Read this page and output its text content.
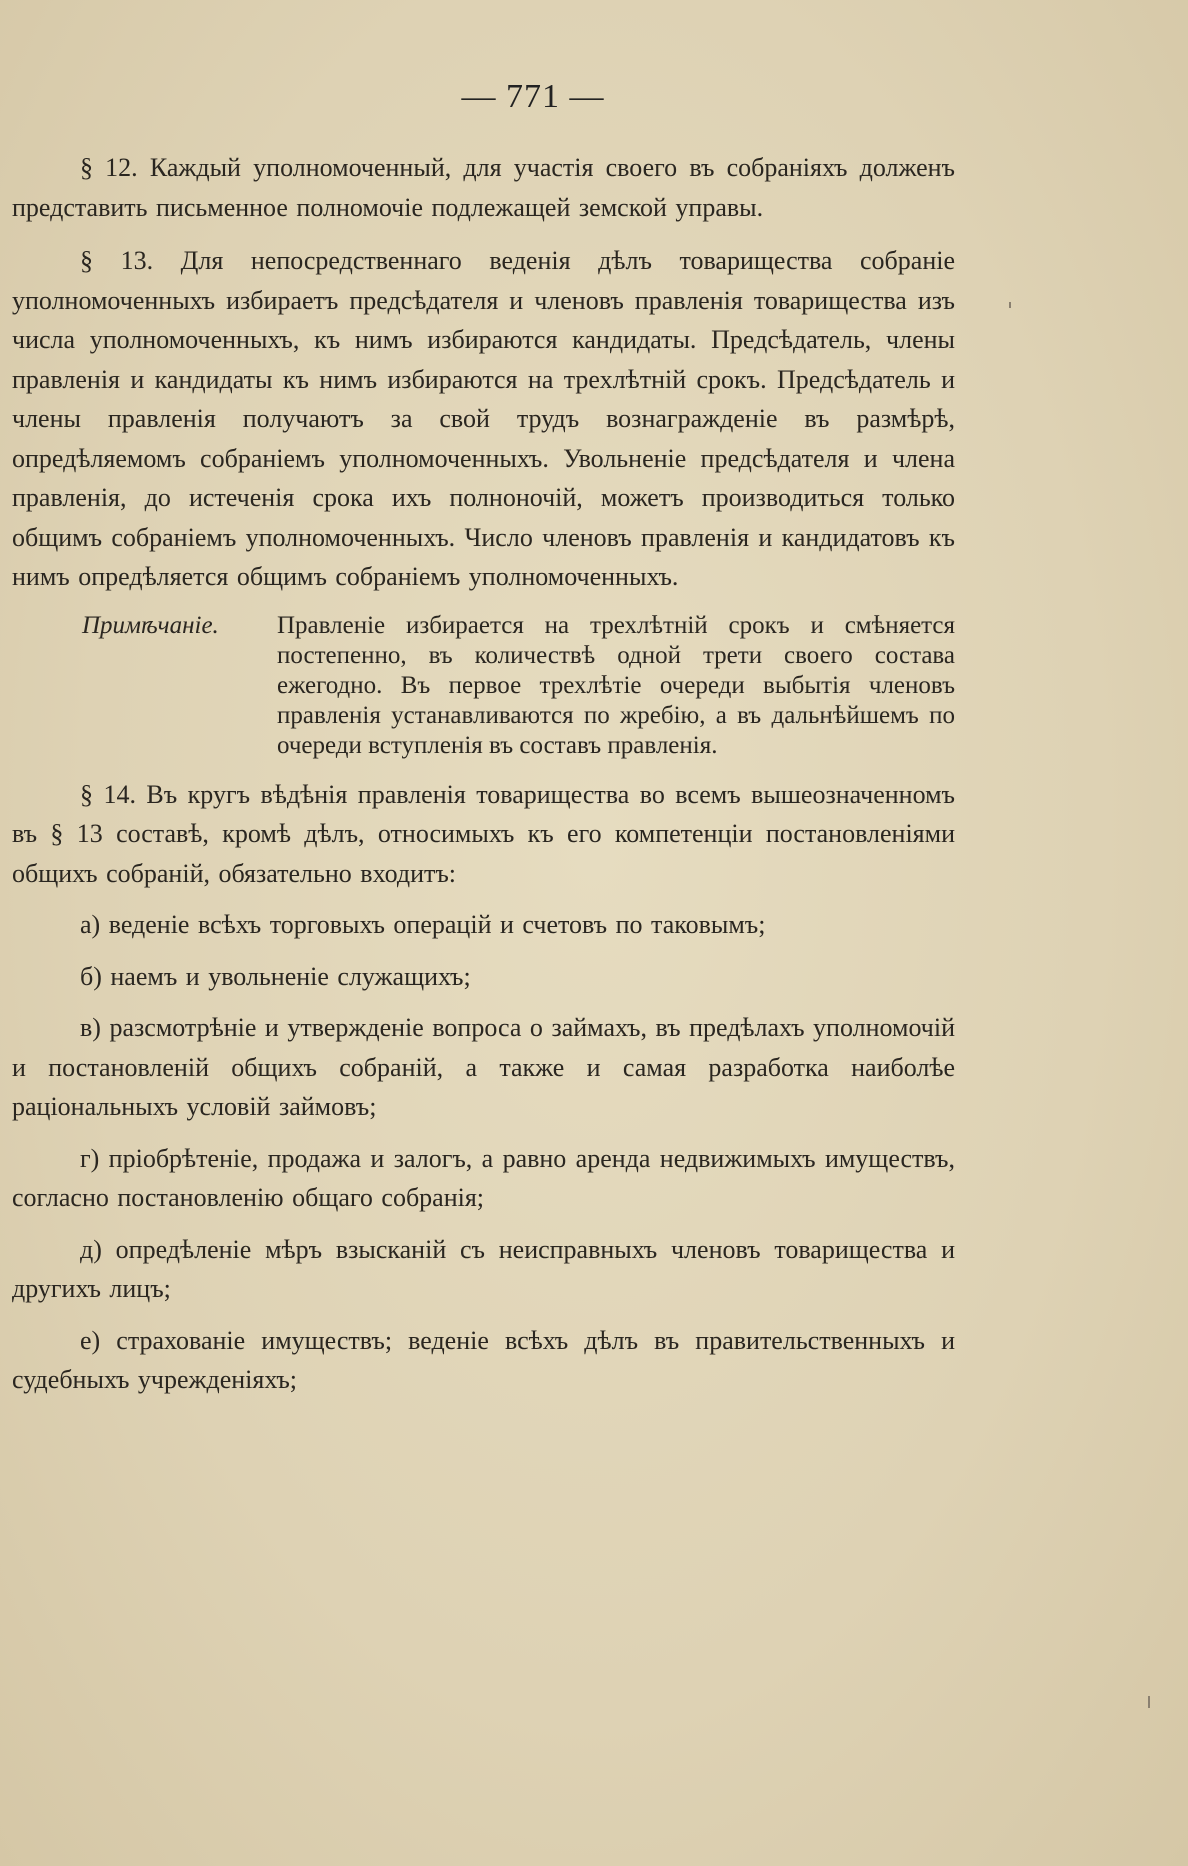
— 771 —

§ 12. Каждый уполномоченный, для участія своего въ собраніяхъ долженъ представить письменное полномочіе подлежащей земской управы.

§ 13. Для непосредственнаго веденія дѣлъ товарищества собраніе уполномоченныхъ избираетъ предсѣдателя и членовъ правленія товарищества изъ числа уполномоченныхъ, къ нимъ избираются кандидаты. Предсѣдатель, члены правленія и кандидаты къ нимъ избираются на трехлѣтній срокъ. Предсѣдатель и члены правленія получаютъ за свой трудъ вознагражденіе въ размѣрѣ, опредѣляемомъ собраніемъ уполномоченныхъ. Увольненіе предсѣдателя и члена правленія, до истеченія срока ихъ полноночій, можетъ производиться только общимъ собраніемъ уполномоченныхъ. Число членовъ правленія и кандидатовъ къ нимъ опредѣляется общимъ собраніемъ уполномоченныхъ.

Примѣчаніе.	Правленіе избирается на трехлѣтній срокъ и смѣняется постепенно, въ количествѣ одной трети своего состава ежегодно. Въ первое трехлѣтіе очереди выбытія членовъ правленія устанавливаются по жребію, а въ дальнѣйшемъ по очереди вступленія въ составъ правленія.

§ 14. Въ кругъ вѣдѣнія правленія товарищества во всемъ вышеозначенномъ въ § 13 составѣ, кромѣ дѣлъ, относимыхъ къ его компетенціи постановленіями общихъ собраній, обязательно входитъ:

а) веденіе всѣхъ торговыхъ операцій и счетовъ по таковымъ;

б) наемъ и увольненіе служащихъ;

в) разсмотрѣніе и утвержденіе вопроса о займахъ, въ предѣлахъ уполномочій и постановленій общихъ собраній, а также и самая разработка наиболѣе раціональныхъ условій займовъ;

г) пріобрѣтеніе, продажа и залогъ, а равно аренда недвижимыхъ имуществъ, согласно постановленію общаго собранія;

д) опредѣленіе мѣръ взысканій съ неисправныхъ членовъ товарищества и другихъ лицъ;

е) страхованіе имуществъ; веденіе всѣхъ дѣлъ въ правительственныхъ и судебныхъ учрежденіяхъ;
